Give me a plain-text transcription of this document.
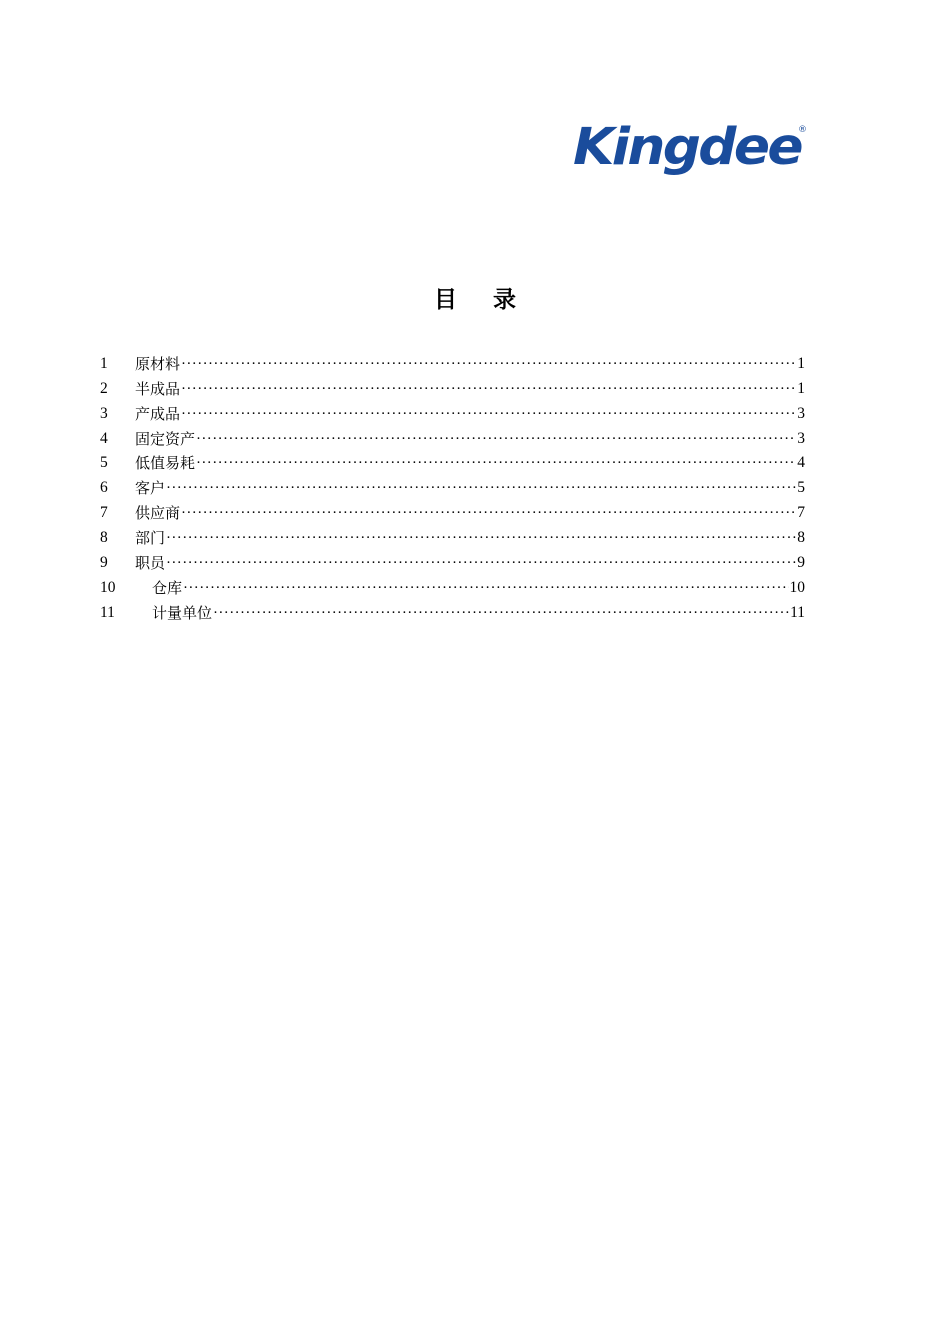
Kingdee
®
目 录
1	原材料 ·····	1
2	半成品 ·····	1
3	产成品 ·····	3
4	固定资产 ·····	3
5	低值易耗 ·····	4
6	客户 ·····	5
7	供应商 ·····	7
8	部门 ·····	8
9	职员 ·····	9
10	仓库 ·····	10
11	计量单位 ·····	11
